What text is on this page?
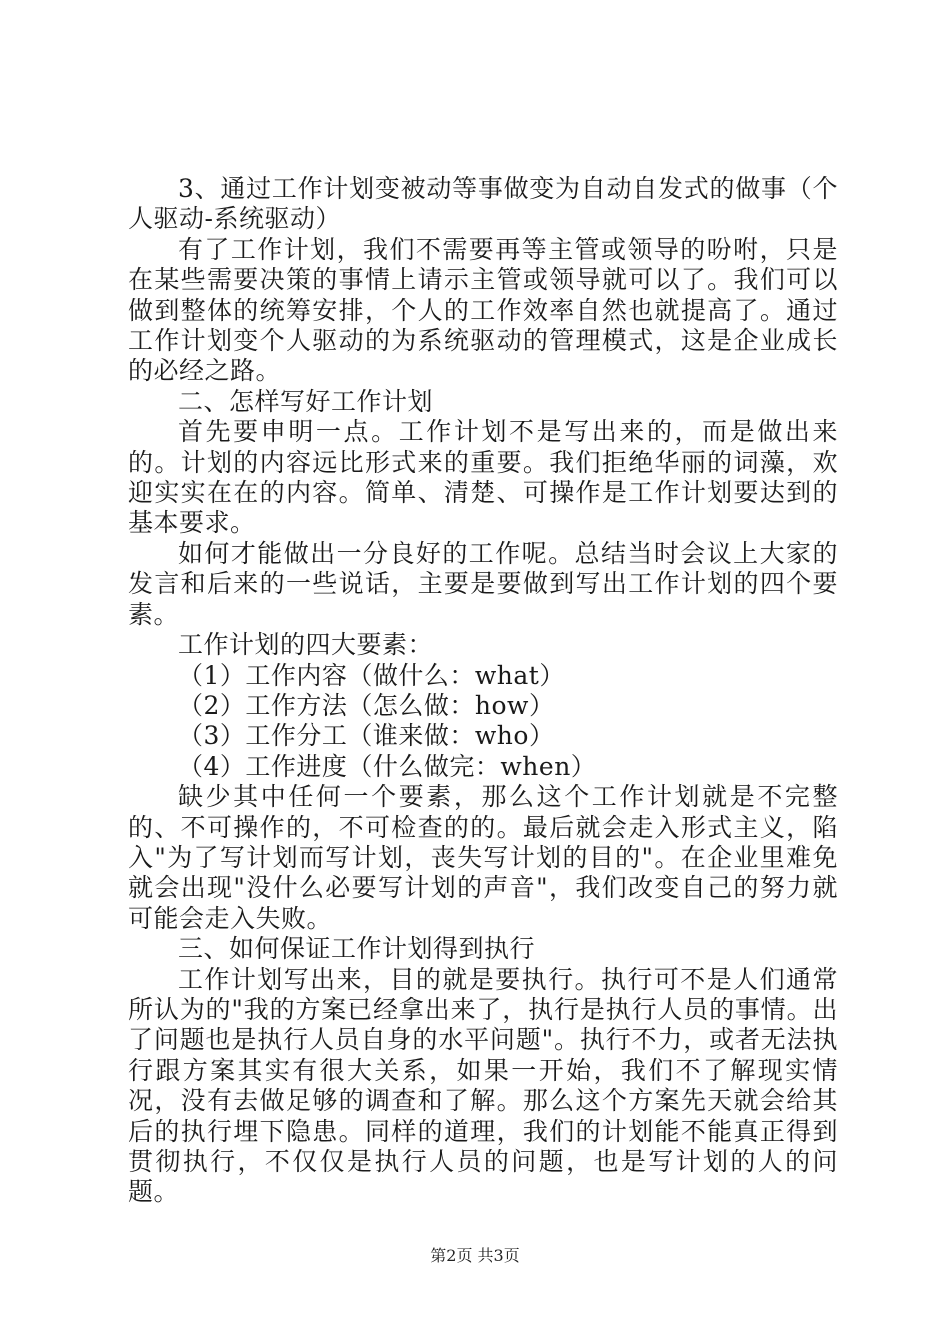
3、通过工作计划变被动等事做变为自动自发式的做事（个人驱动-系统驱动）

有了工作计划，我们不需要再等主管或领导的吩咐，只是在某些需要决策的事情上请示主管或领导就可以了。我们可以做到整体的统筹安排，个人的工作效率自然也就提高了。通过工作计划变个人驱动的为系统驱动的管理模式，这是企业成长的必经之路。

二、怎样写好工作计划

首先要申明一点。工作计划不是写出来的，而是做出来的。计划的内容远比形式来的重要。我们拒绝华丽的词藻，欢迎实实在在的内容。简单、清楚、可操作是工作计划要达到的基本要求。

如何才能做出一分良好的工作呢。总结当时会议上大家的发言和后来的一些说话，主要是要做到写出工作计划的四个要素。

工作计划的四大要素：

（1）工作内容（做什么：what）

（2）工作方法（怎么做：how）

（3）工作分工（谁来做：who）

（4）工作进度（什么做完：when）

缺少其中任何一个要素，那么这个工作计划就是不完整的、不可操作的，不可检查的的。最后就会走入形式主义，陷入"为了写计划而写计划，丧失写计划的目的"。在企业里难免就会出现"没什么必要写计划的声音"，我们改变自己的努力就可能会走入失败。

三、如何保证工作计划得到执行

工作计划写出来，目的就是要执行。执行可不是人们通常所认为的"我的方案已经拿出来了，执行是执行人员的事情。出了问题也是执行人员自身的水平问题"。执行不力，或者无法执行跟方案其实有很大关系，如果一开始，我们不了解现实情况，没有去做足够的调查和了解。那么这个方案先天就会给其后的执行埋下隐患。同样的道理，我们的计划能不能真正得到贯彻执行，不仅仅是执行人员的问题，也是写计划的人的问题。

第2页 共3页
